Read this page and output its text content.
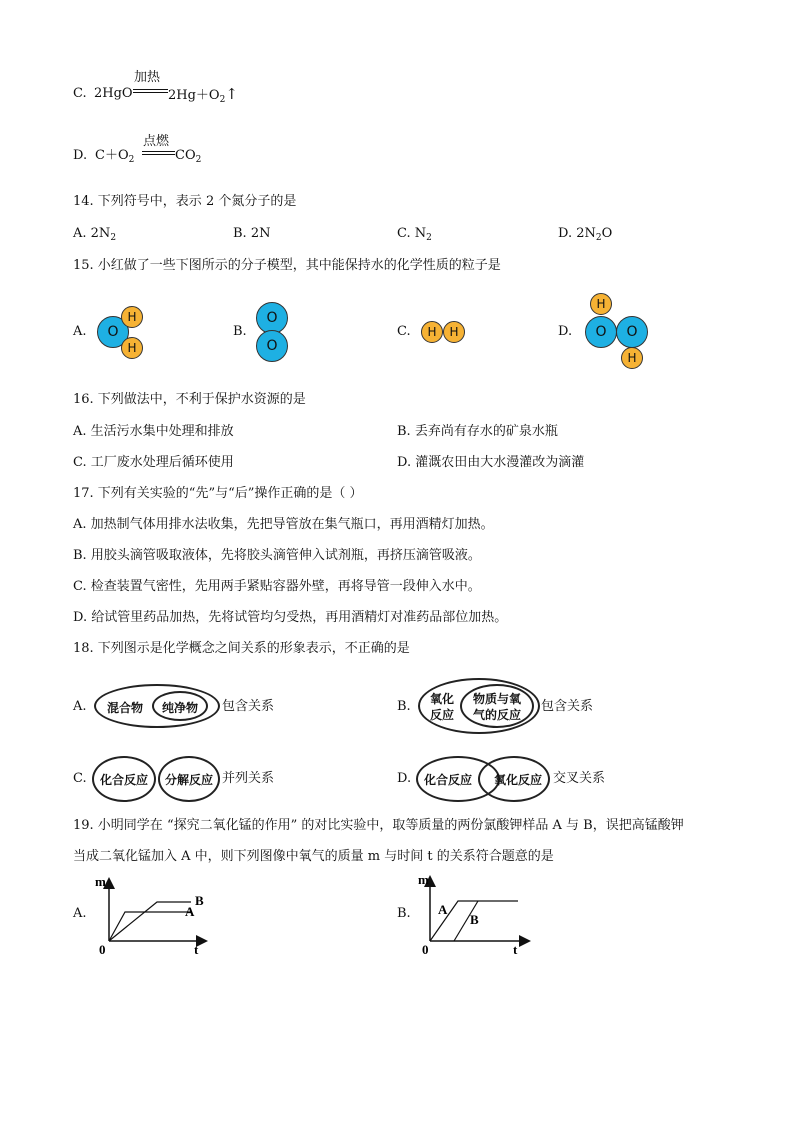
C. 2HgO
加热
$2Hg+O_2↑$
D. $C+O_2$
点燃
$CO_2$
14. 下列符号中，表示 2 个氮分子的是
A. $2N_2$	B. 2N	C. $N_2$	D. $2N_2O$
15. 小红做了一些下图所示的分子模型，其中能保持水的化学性质的粒子是
A.	O
H
H
B.
O
O
C.	H	H	D.
H
O	O
H
16. 下列做法中，不利于保护水资源的是
A. 生活污水集中处理和排放	B. 丢弃尚有存水的矿泉水瓶
C. 工厂废水处理后循环使用	D. 灌溉农田由大水漫灌改为滴灌
17. 下列有关实验的“先”与“后”操作正确的是（ ）
A. 加热制气体用排水法收集，先把导管放在集气瓶口，再用酒精灯加热。
B. 用胶头滴管吸取液体，先将胶头滴管伸入试剂瓶，再挤压滴管吸液。
C. 检查装置气密性，先用两手紧贴容器外壁，再将导管一段伸入水中。
D. 给试管里药品加热，先将试管均匀受热，再用酒精灯对准药品部位加热。
18. 下列图示是化学概念之间关系的形象表示，不正确的是
A.	混合物	纯净物	包含关系	B.	氧化
反应
物质与氧
气的反应
包含关系
C.	化合反应	分解反应 并列关系	D.	化合反应	氧化反应 交叉关系
19. 小明同学在 “探究二氧化锰的作用” 的对比实验中，取等质量的两份氯酸钾样品 A 与 B，误把高锰酸钾
当成二氧化锰加入 A 中，则下列图像中氧气的质量 m 与时间 t 的关系符合题意的是
A.
m
t
0
B
A	B.
m
t
0
A
B
